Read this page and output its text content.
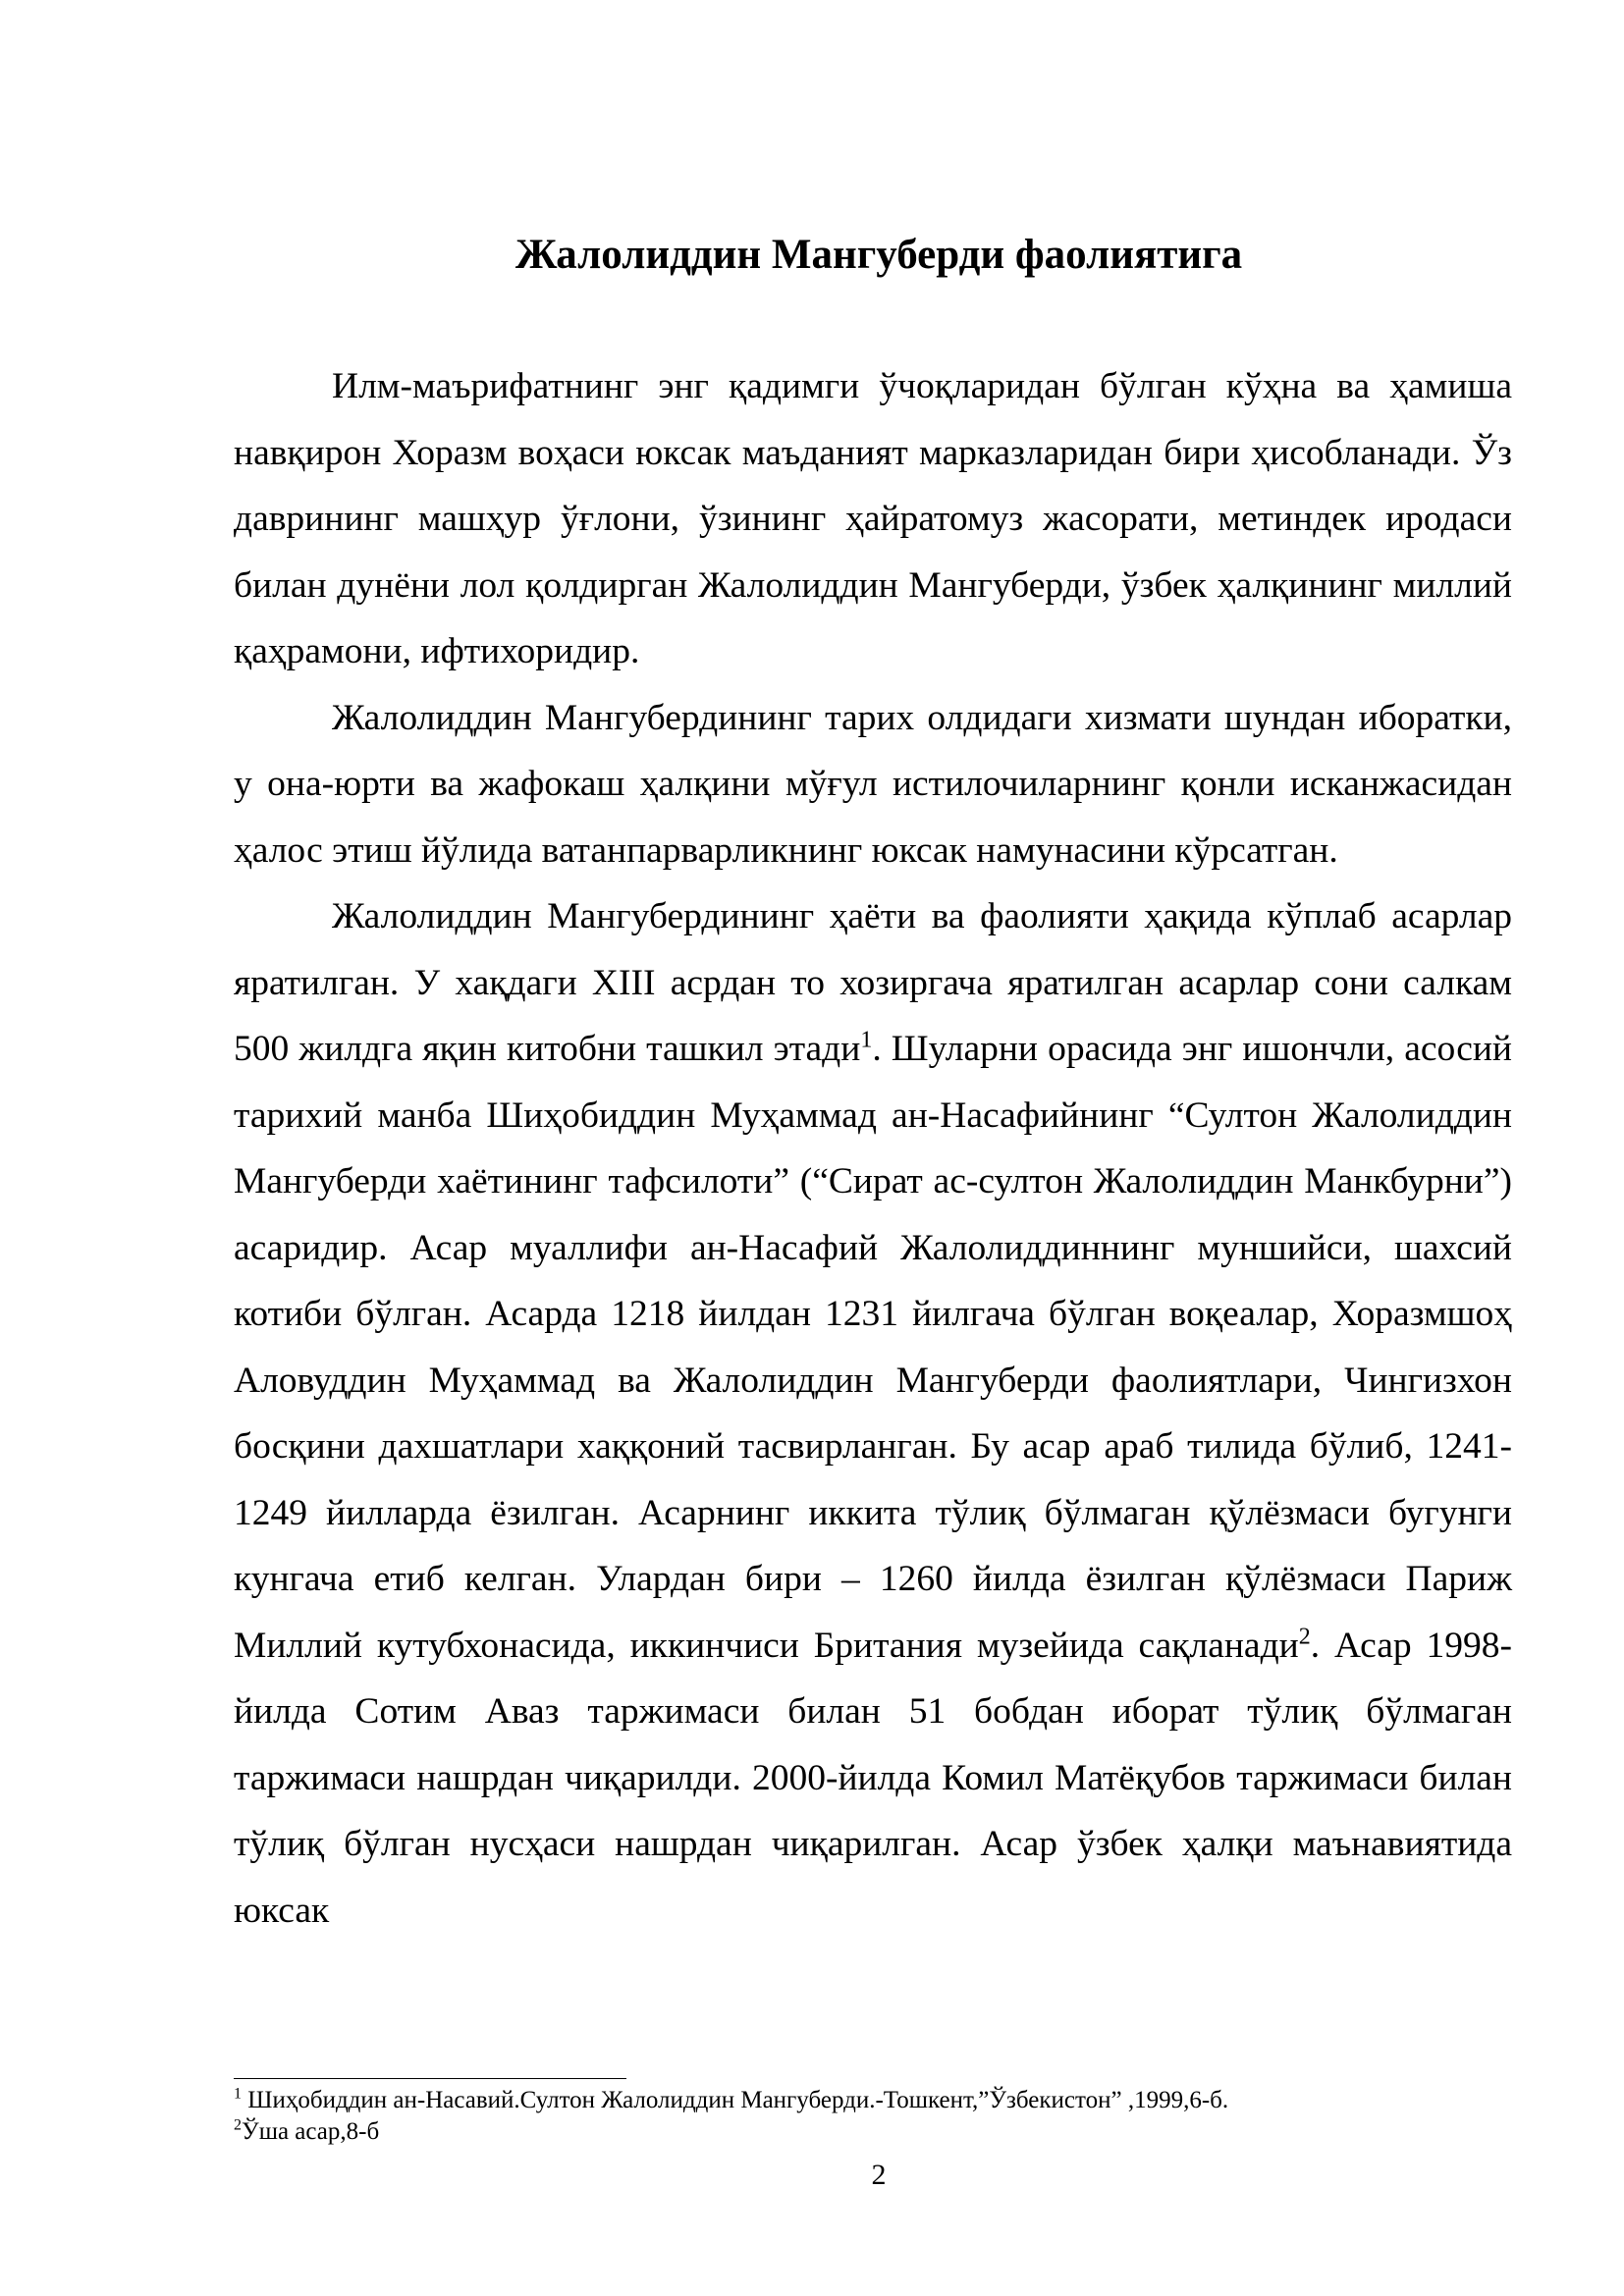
Жалолиддин Мангуберди фаолиятига

Илм-маърифатнинг энг қадимги ўчоқларидан бўлган кўҳна ва ҳамиша навқирон Хоразм воҳаси юксак маъданият марказларидан бири ҳисобланади. Ўз даврининг машҳур ўғлони, ўзининг ҳайратомуз жасорати, метиндек иродаси билан дунёни лол қолдирган Жалолиддин Мангуберди, ўзбек ҳалқининг миллий қаҳрамони, ифтихоридир.

Жалолиддин Мангубердининг тарих олдидаги хизмати шундан иборатки, у она-юрти ва жафокаш ҳалқини мўғул истилочиларнинг қонли исканжасидан ҳалос этиш йўлида ватанпарварликнинг юксак намунасини кўрсатган.

Жалолиддин Мангубердининг ҳаёти ва фаолияти ҳақида кўплаб асарлар яратилган. У хақдаги XIII асрдан то хозиргача яратилган асарлар сони салкам 500 жилдга яқин китобни ташкил этади$^1$. Шуларни орасида энг ишончли, асосий тарихий манба Шиҳобиддин Муҳаммад ан-Насафийнинг “Султон Жалолиддин Мангуберди хаётининг тафсилоти” (“Сират ас-султон Жалолиддин Манкбурни”) асаридир. Асар муаллифи ан-Насафий Жалолиддиннинг муншийси, шахсий котиби бўлган. Асарда 1218 йилдан 1231 йилгача бўлган воқеалар, Хоразмшоҳ Аловуддин Муҳаммад ва Жалолиддин Мангуберди фаолиятлари, Чингизхон босқини дахшатлари хаққоний тасвирланган. Бу асар араб тилида бўлиб, 1241-1249 йилларда ёзилган. Асарнинг иккита тўлиқ бўлмаган қўлёзмаси бугунги кунгача етиб келган. Улардан бири – 1260 йилда ёзилган қўлёзмаси Париж Миллий кутубхонасида, иккинчиси Британия музейида сақланади$^2$. Асар 1998-йилда Сотим Аваз таржимаси билан 51 бобдан иборат тўлиқ бўлмаган таржимаси нашрдан чиқарилди. 2000-йилда Комил Матёқубов таржимаси билан тўлиқ бўлган нусҳаси нашрдан чиқарилган. Асар ўзбек ҳалқи маънавиятида юксак

$^1$ Шиҳобиддин ан-Насавий.Султон Жалолиддин Мангуберди.-Тошкент,”Ўзбекистон” ,1999,6-б.

$^2$Ўша асар,8-б

2
